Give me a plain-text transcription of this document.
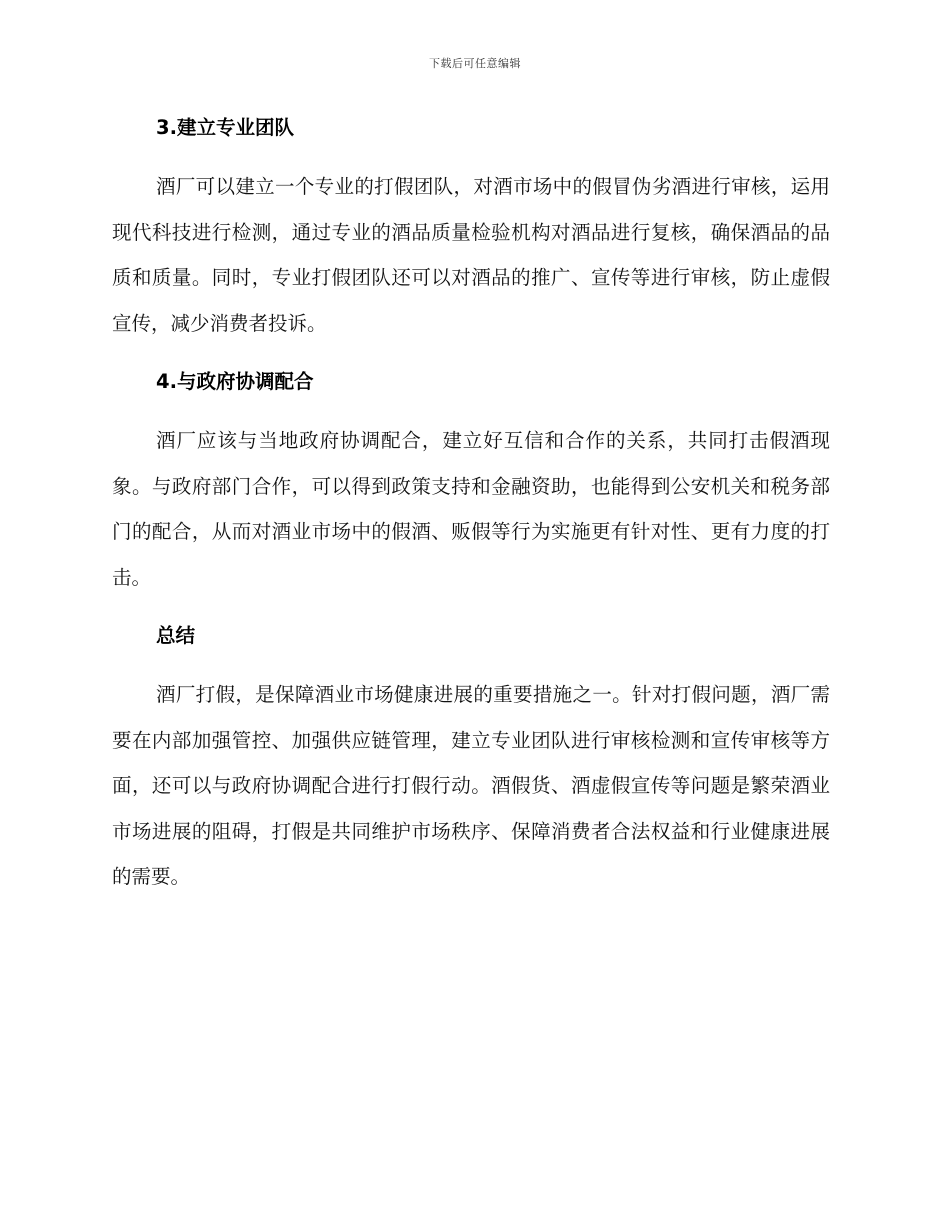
下载后可任意编辑
3.建立专业团队
酒厂可以建立一个专业的打假团队，对酒市场中的假冒伪劣酒进行审核，运用现代科技进行检测，通过专业的酒品质量检验机构对酒品进行复核，确保酒品的品质和质量。同时，专业打假团队还可以对酒品的推广、宣传等进行审核，防止虚假宣传，减少消费者投诉。
4.与政府协调配合
酒厂应该与当地政府协调配合，建立好互信和合作的关系，共同打击假酒现象。与政府部门合作，可以得到政策支持和金融资助，也能得到公安机关和税务部门的配合，从而对酒业市场中的假酒、贩假等行为实施更有针对性、更有力度的打击。
总结
酒厂打假，是保障酒业市场健康进展的重要措施之一。针对打假问题，酒厂需要在内部加强管控、加强供应链管理，建立专业团队进行审核检测和宣传审核等方面，还可以与政府协调配合进行打假行动。酒假货、酒虚假宣传等问题是繁荣酒业市场进展的阻碍，打假是共同维护市场秩序、保障消费者合法权益和行业健康进展的需要。
